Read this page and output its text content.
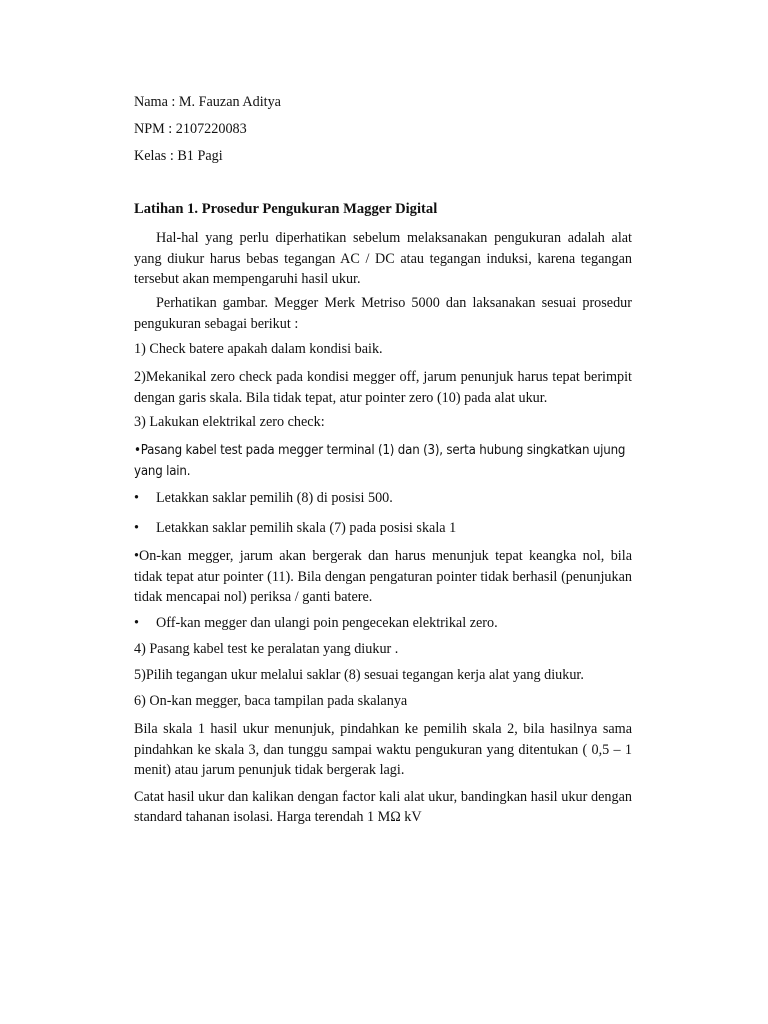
Nama : M. Fauzan Aditya

NPM : 2107220083

Kelas : B1 Pagi

Latihan 1. Prosedur Pengukuran Magger Digital

Hal-hal yang perlu diperhatikan sebelum melaksanakan pengukuran adalah alat yang diukur harus bebas tegangan AC / DC atau tegangan induksi, karena tegangan tersebut akan mempengaruhi hasil ukur.

Perhatikan gambar. Megger Merk Metriso 5000 dan laksanakan sesuai prosedur pengukuran sebagai berikut :

1) Check batere apakah dalam kondisi baik.

2)Mekanikal zero check pada kondisi megger off, jarum penunjuk harus tepat berimpit dengan garis skala. Bila tidak tepat, atur pointer zero (10) pada alat ukur.

3) Lakukan elektrikal zero check:

•Pasang kabel test pada megger terminal (1) dan (3), serta hubung singkatkan ujung yang lain.

• Letakkan saklar pemilih (8) di posisi 500.
• Letakkan saklar pemilih skala (7) pada posisi skala 1

•On-kan megger, jarum akan bergerak dan harus menunjuk tepat keangka nol, bila tidak tepat atur pointer (11). Bila dengan pengaturan pointer tidak berhasil (penunjukan tidak mencapai nol) periksa / ganti batere.

• Off-kan megger dan ulangi poin pengecekan elektrikal zero.

4) Pasang kabel test ke peralatan yang diukur .

5)Pilih tegangan ukur melalui saklar (8) sesuai tegangan kerja alat yang diukur.

6) On-kan megger, baca tampilan pada skalanya

Bila skala 1 hasil ukur menunjuk, pindahkan ke pemilih skala 2, bila hasilnya sama pindahkan ke skala 3, dan tunggu sampai waktu pengukuran yang ditentukan ( 0,5 – 1 menit) atau jarum penunjuk tidak bergerak lagi.

Catat hasil ukur dan kalikan dengan factor kali alat ukur, bandingkan hasil ukur dengan standard tahanan isolasi. Harga terendah 1 MΩ kV
